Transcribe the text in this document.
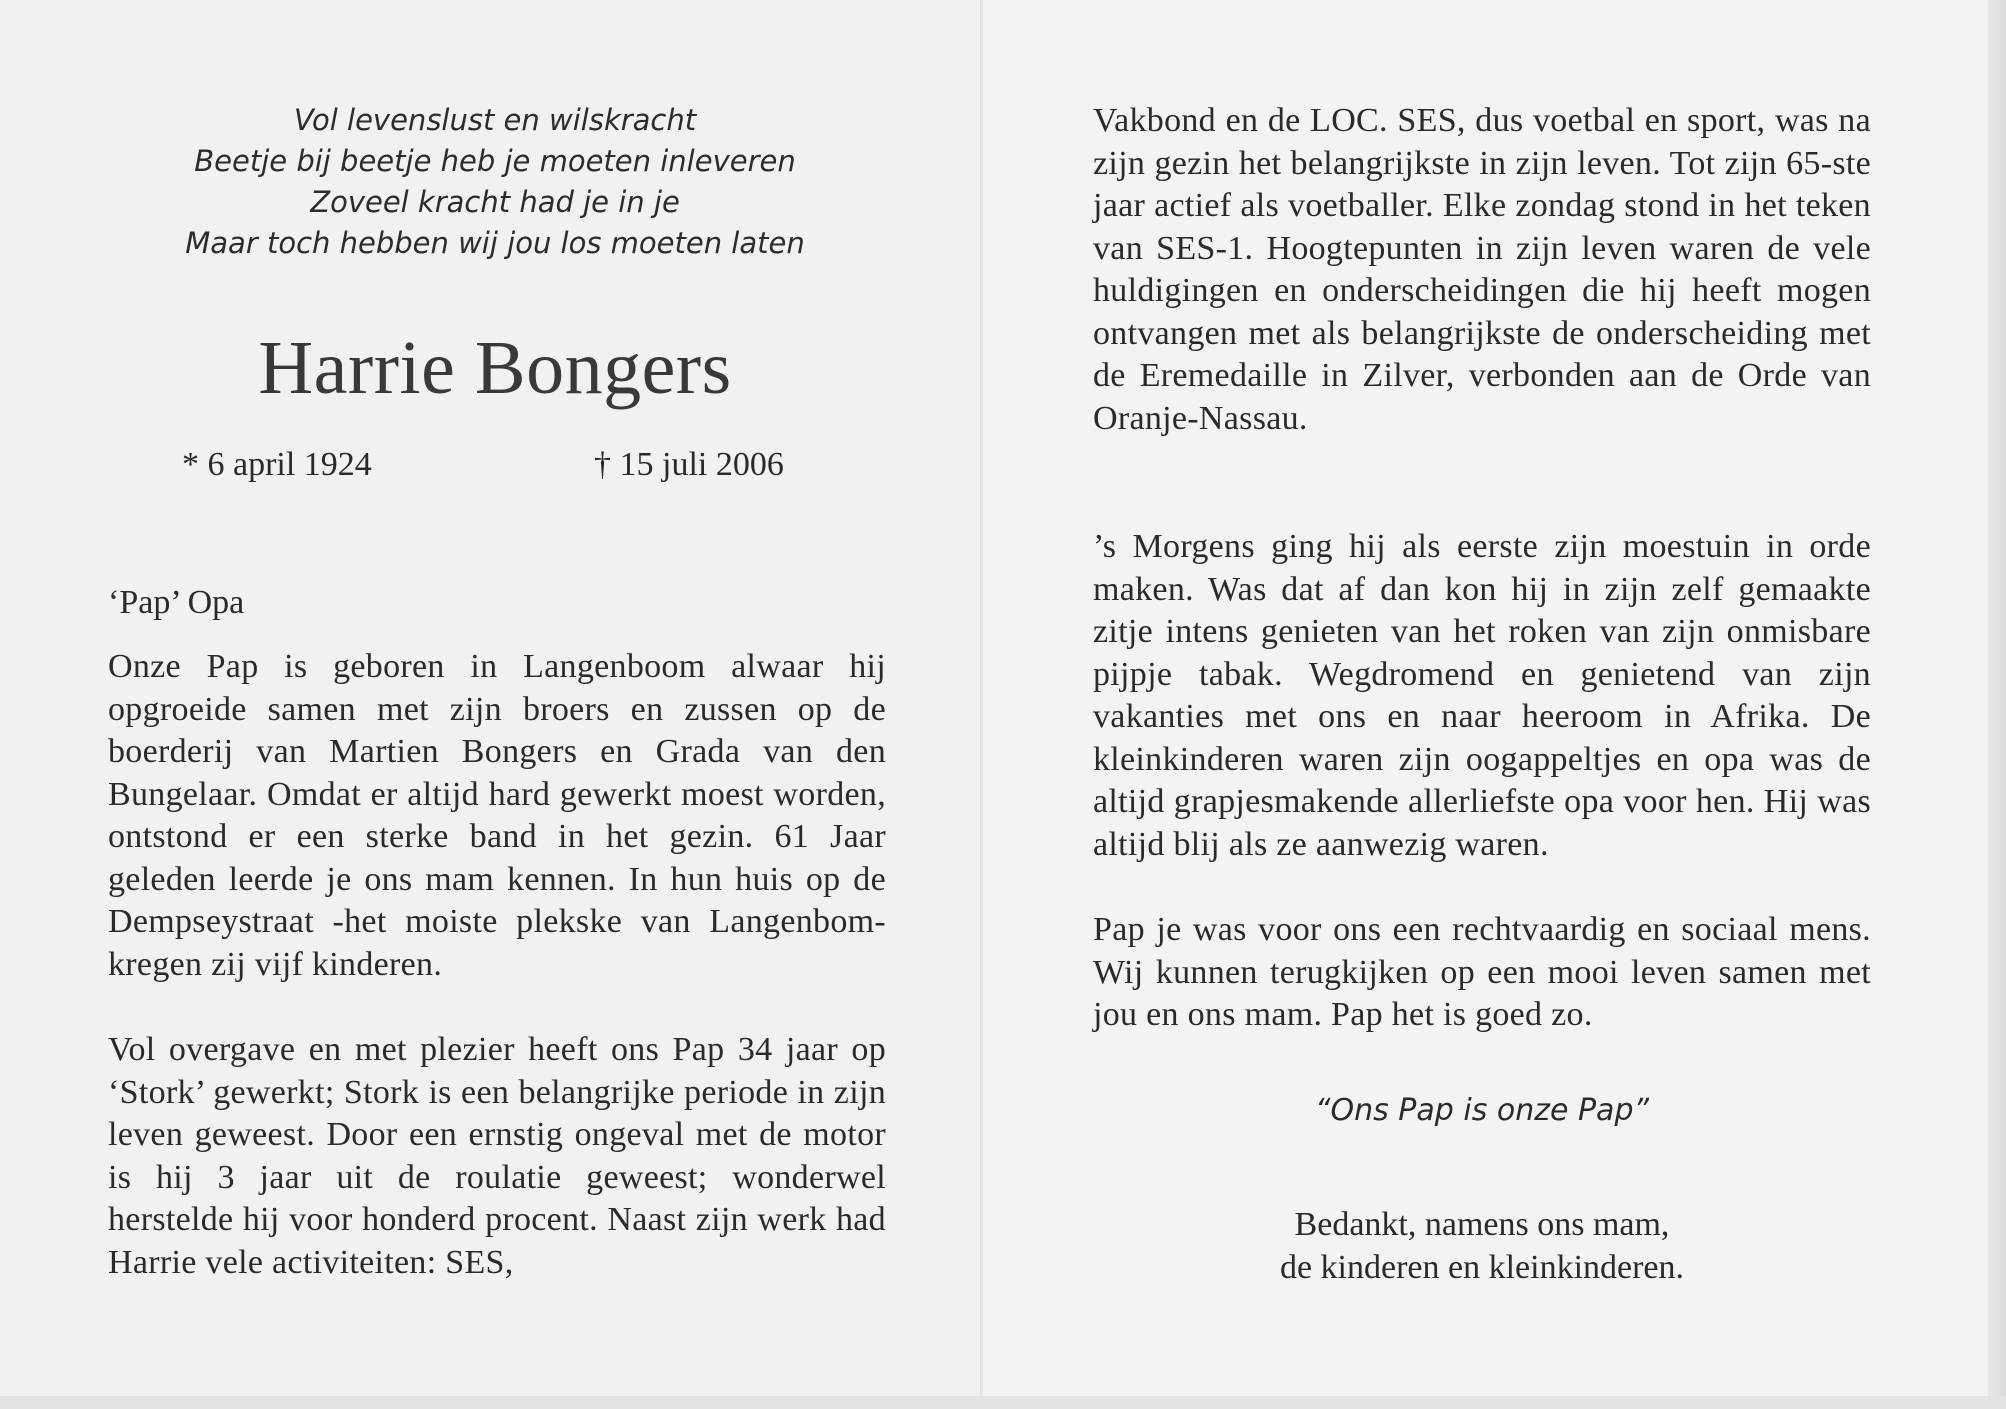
Vol levenslust en wilskracht
Beetje bij beetje heb je moeten inleveren
Zoveel kracht had je in je
Maar toch hebben wij jou los moeten laten
Harrie Bongers
* 6 april 1924	† 15 juli 2006
‘Pap’ Opa
Onze Pap is geboren in Langenboom alwaar hij opgroeide samen met zijn broers en zussen op de boerderij van Martien Bongers en Grada van den Bungelaar. Omdat er altijd hard gewerkt moest worden, ontstond er een sterke band in het gezin. 61 Jaar geleden leerde je ons mam kennen. In hun huis op de Dempseystraat -het moiste plekske van Langenbom- kregen zij vijf kinderen.
Vol overgave en met plezier heeft ons Pap 34 jaar op ‘Stork’ gewerkt; Stork is een belangrijke periode in zijn leven geweest. Door een ernstig ongeval met de motor is hij 3 jaar uit de roulatie geweest; wonderwel herstelde hij voor honderd procent. Naast zijn werk had Harrie vele activiteiten: SES,
Vakbond en de LOC. SES, dus voetbal en sport, was na zijn gezin het belangrijkste in zijn leven. Tot zijn 65-ste jaar actief als voetballer. Elke zondag stond in het teken van SES-1. Hoogtepunten in zijn leven waren de vele huldigingen en onderscheidingen die hij heeft mogen ontvangen met als belangrijkste de onderscheiding met de Eremedaille in Zilver, verbonden aan de Orde van Oranje-Nassau.
’s Morgens ging hij als eerste zijn moestuin in orde maken. Was dat af dan kon hij in zijn zelf gemaakte zitje intens genieten van het roken van zijn onmisbare pijpje tabak. Wegdromend en genietend van zijn vakanties met ons en naar heeroom in Afrika. De kleinkinderen waren zijn oogappeltjes en opa was de altijd grapjesmakende allerliefste opa voor hen. Hij was altijd blij als ze aanwezig waren.
Pap je was voor ons een rechtvaardig en sociaal mens. Wij kunnen terugkijken op een mooi leven samen met jou en ons mam. Pap het is goed zo.
“Ons Pap is onze Pap”
Bedankt, namens ons mam,
de kinderen en kleinkinderen.
